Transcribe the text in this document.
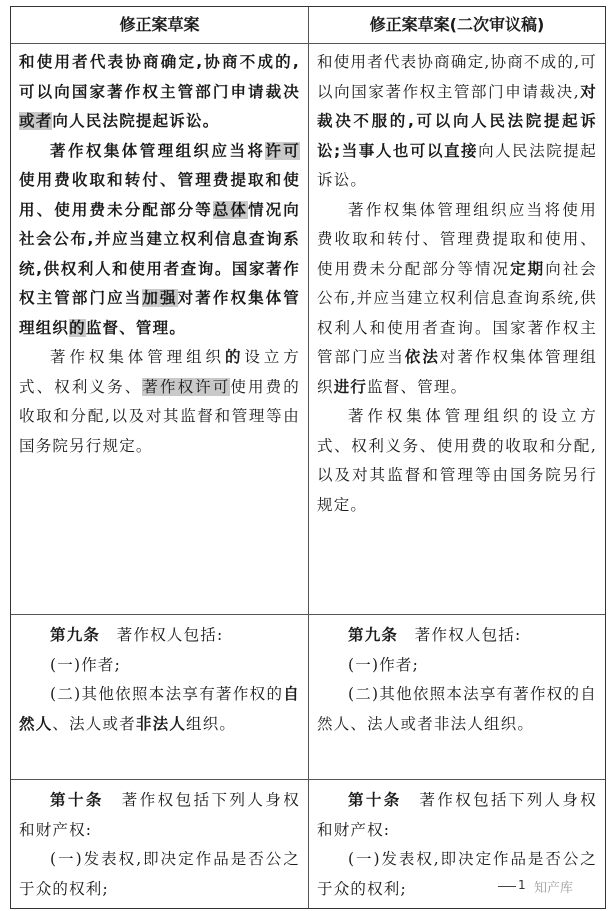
修正案草案	修正案草案(二次审议稿)

和使用者代表协商确定,协商不成的,可以向国家著作权主管部门申请裁决或者向人民法院提起诉讼。

著作权集体管理组织应当将许可使用费收取和转付、管理费提取和使用、使用费未分配部分等总体情况向社会公布,并应当建立权利信息查询系统,供权利人和使用者查询。国家著作权主管部门应当加强对著作权集体管理组织的监督、管理。

著作权集体管理组织的设立方式、权利义务、著作权许可使用费的收取和分配,以及对其监督和管理等由国务院另行规定。

和使用者代表协商确定,协商不成的,可以向国家著作权主管部门申请裁决,对裁决不服的,可以向人民法院提起诉讼;当事人也可以直接向人民法院提起诉讼。

著作权集体管理组织应当将使用费收取和转付、管理费提取和使用、使用费未分配部分等情况定期向社会公布,并应当建立权利信息查询系统,供权利人和使用者查询。国家著作权主管部门应当依法对著作权集体管理组织进行监督、管理。

著作权集体管理组织的设立方式、权利义务、使用费的收取和分配,以及对其监督和管理等由国务院另行规定。

第九条　著作权人包括:

(一)作者;

(二)其他依照本法享有著作权的自然人、法人或者非法人组织。

第九条　著作权人包括:

(一)作者;

(二)其他依照本法享有著作权的自然人、法人或者非法人组织。

第十条　著作权包括下列人身权和财产权:

(一)发表权,即决定作品是否公之于众的权利;

第十条　著作权包括下列人身权和财产权:

(一)发表权,即决定作品是否公之于众的权利;	1 知产库
